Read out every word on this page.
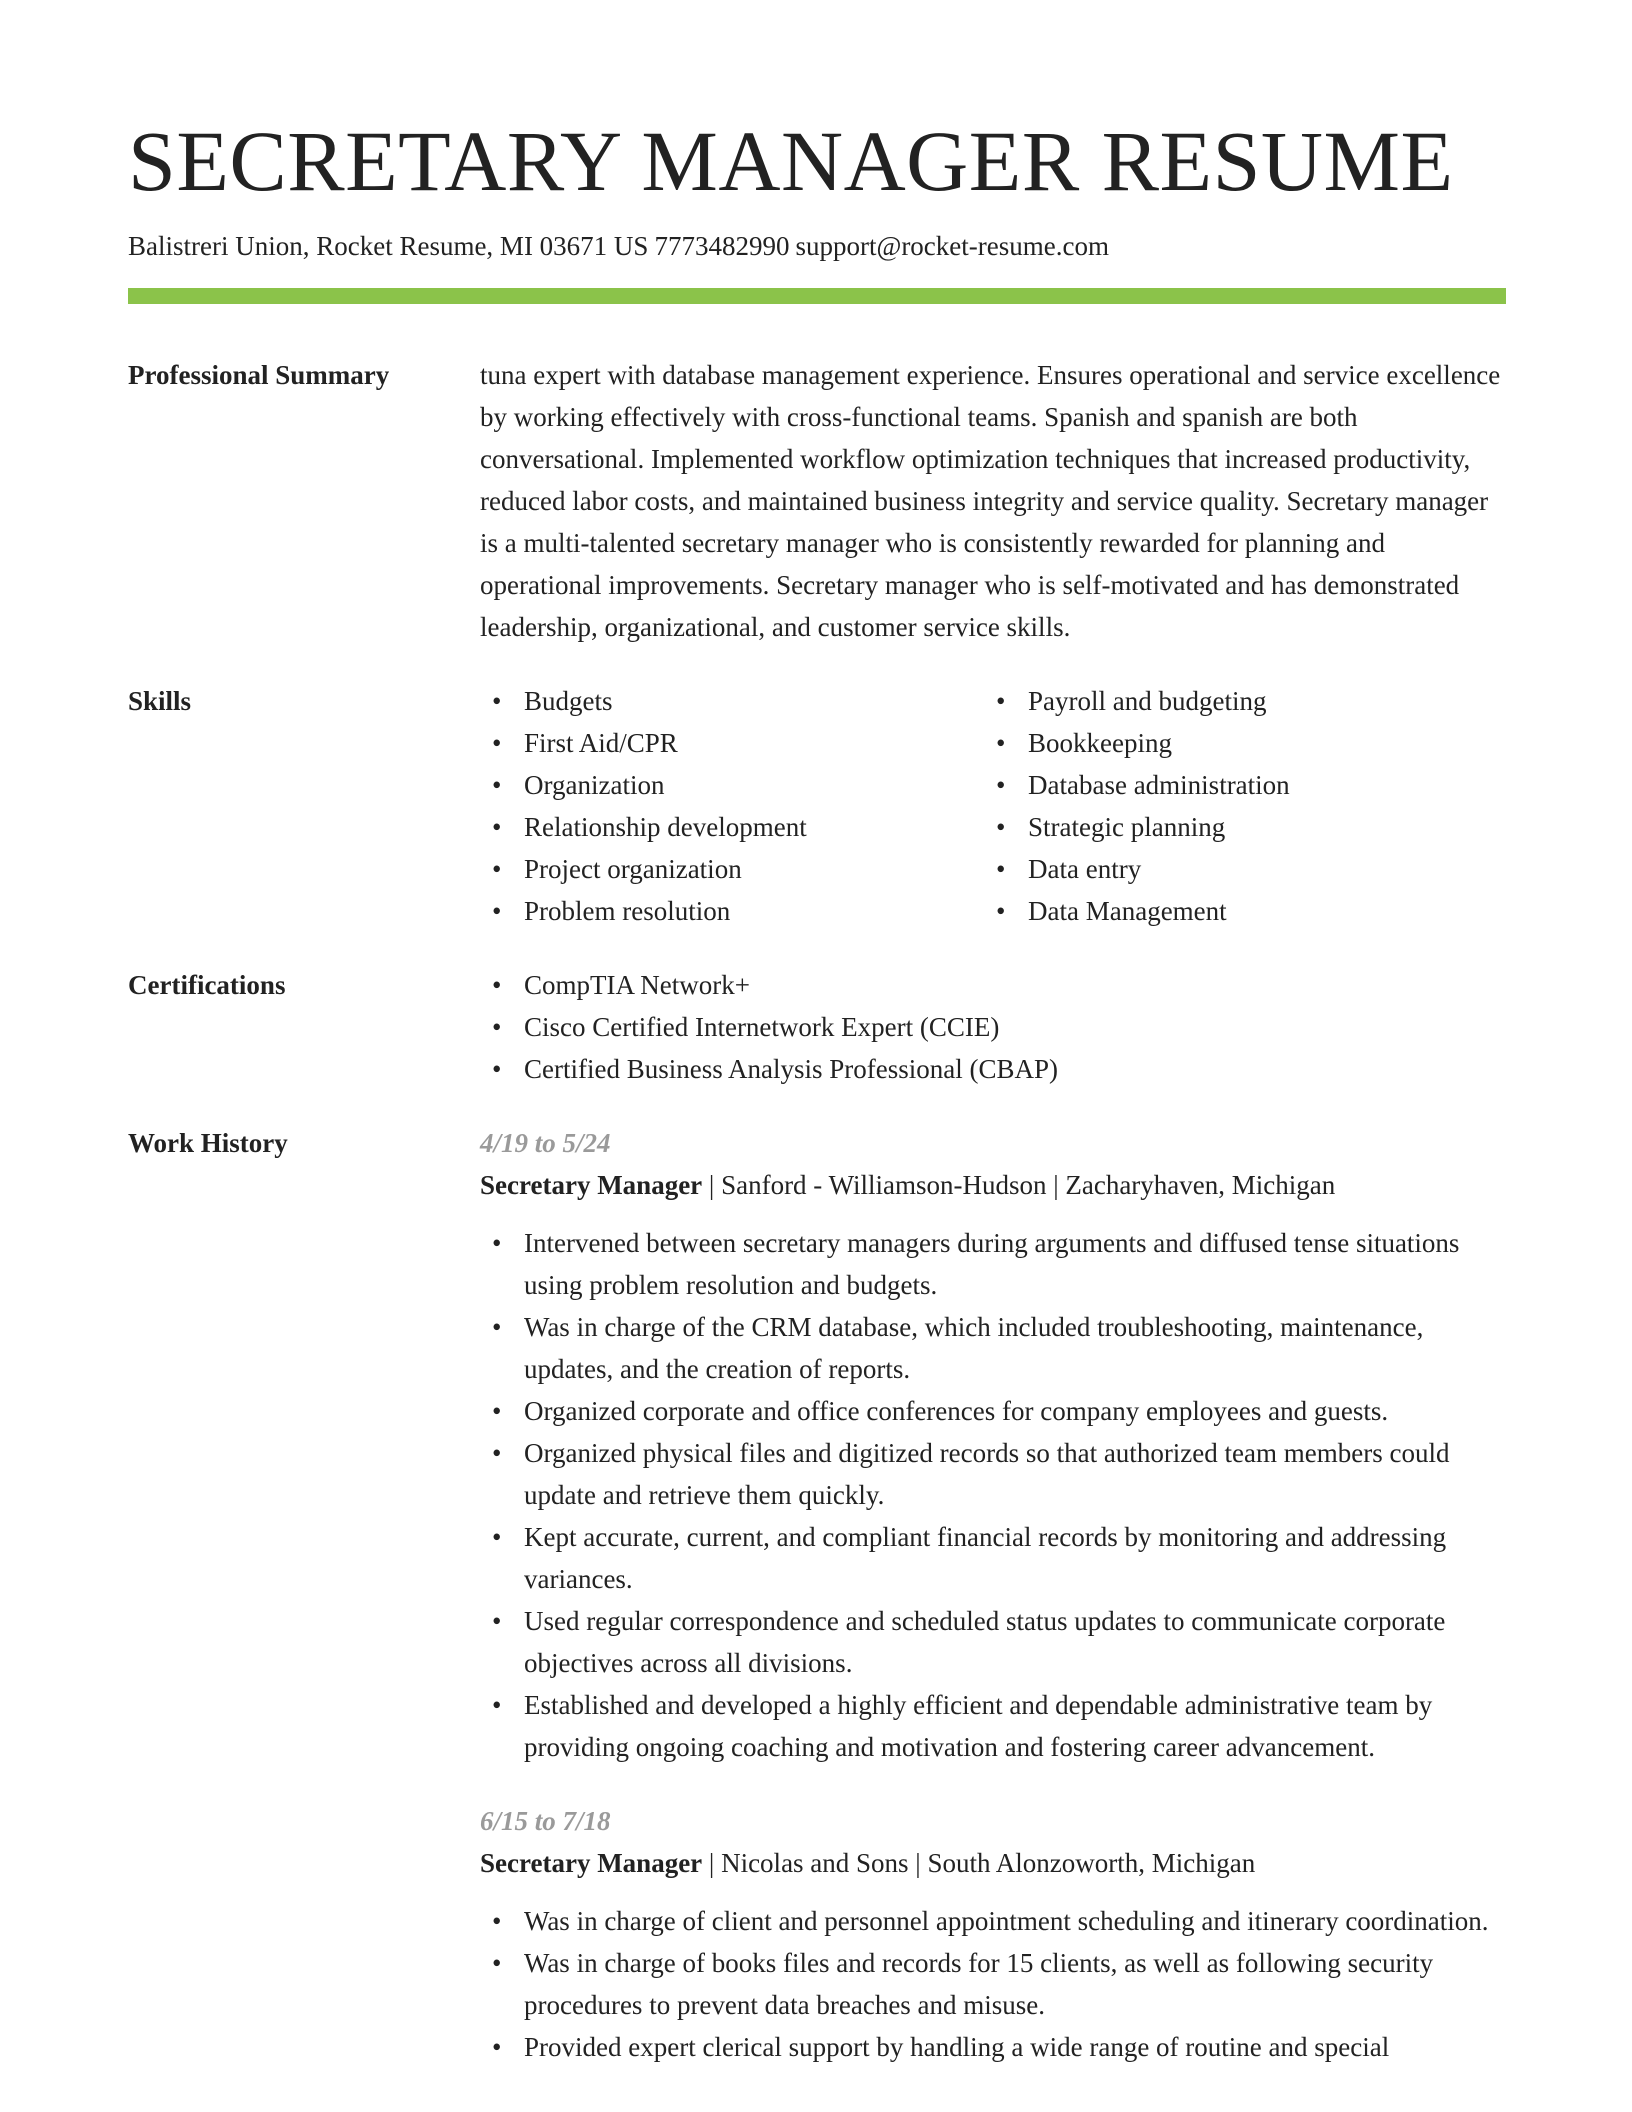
SECRETARY MANAGER RESUME
Balistreri Union, Rocket Resume, MI 03671 US 7773482990 support@rocket-resume.com
Professional Summary	tuna expert with database management experience. Ensures operational and service excellence by working effectively with cross-functional teams. Spanish and spanish are both conversational. Implemented workflow optimization techniques that increased productivity, reduced labor costs, and maintained business integrity and service quality. Secretary manager is a multi-talented secretary manager who is consistently rewarded for planning and operational improvements. Secretary manager who is self-motivated and has demonstrated leadership, organizational, and customer service skills.

Skills	• Budgets
• First Aid/CPR
• Organization
• Relationship development
• Project organization
• Problem resolution
• Payroll and budgeting
• Bookkeeping
• Database administration
• Strategic planning
• Data entry
• Data Management
Certifications	• CompTIA Network+
• Cisco Certified Internetwork Expert (CCIE)
• Certified Business Analysis Professional (CBAP)
Work History	4/19 to 5/24
Secretary Manager | Sanford - Williamson-Hudson | Zacharyhaven, Michigan
• Intervened between secretary managers during arguments and diffused tense situations using problem resolution and budgets.
• Was in charge of the CRM database, which included troubleshooting, maintenance, updates, and the creation of reports.
• Organized corporate and office conferences for company employees and guests.
• Organized physical files and digitized records so that authorized team members could update and retrieve them quickly.
• Kept accurate, current, and compliant financial records by monitoring and addressing variances.
• Used regular correspondence and scheduled status updates to communicate corporate objectives across all divisions.
• Established and developed a highly efficient and dependable administrative team by providing ongoing coaching and motivation and fostering career advancement.
6/15 to 7/18
Secretary Manager | Nicolas and Sons | South Alonzoworth, Michigan
• Was in charge of client and personnel appointment scheduling and itinerary coordination.
• Was in charge of books files and records for 15 clients, as well as following security procedures to prevent data breaches and misuse.
• Provided expert clerical support by handling a wide range of routine and special
